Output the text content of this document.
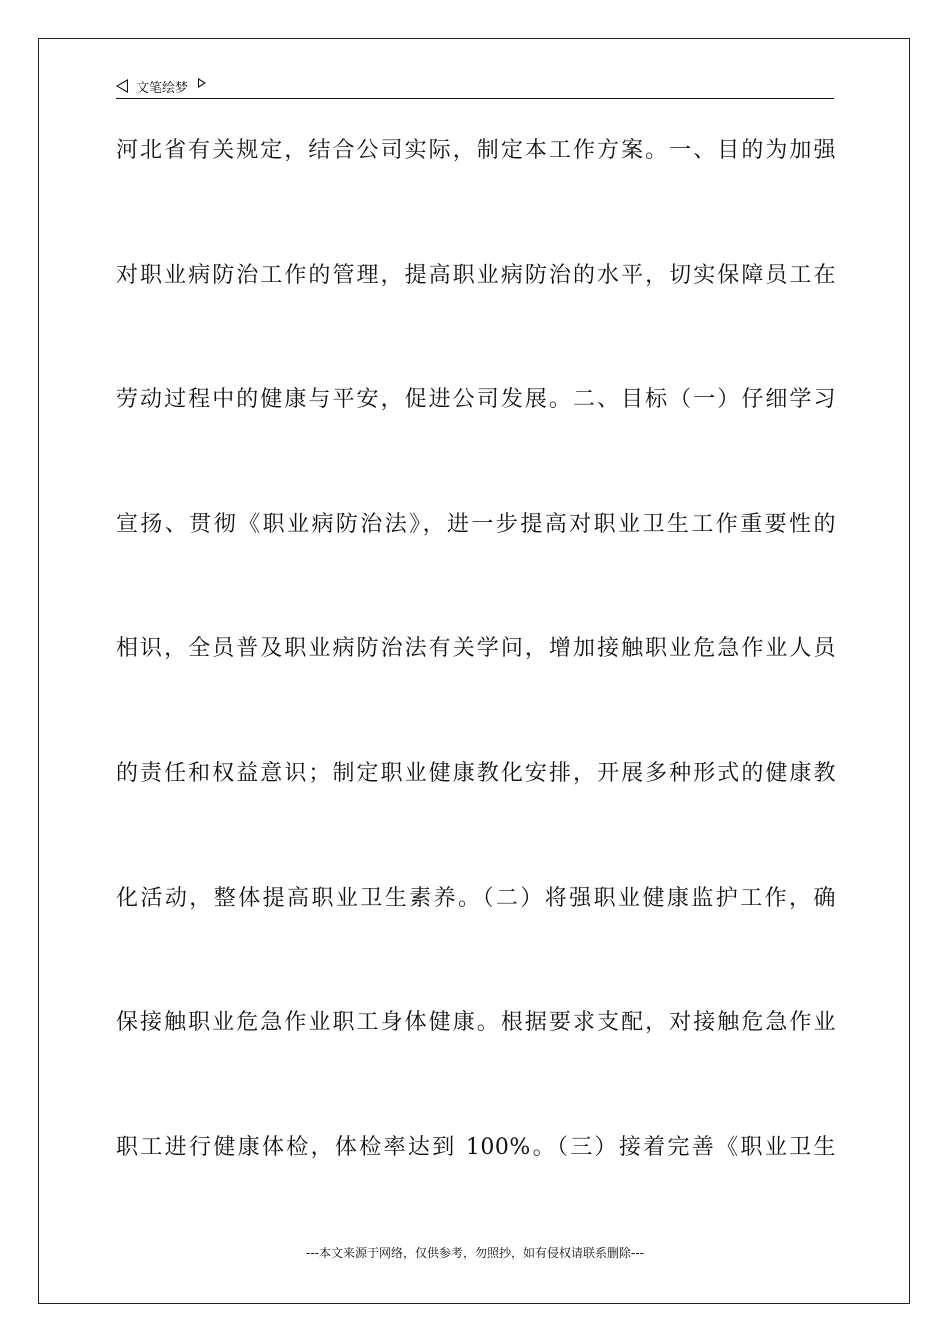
文笔绘梦
河北省有关规定，结合公司实际，制定本工作方案。一、目的为加强
对职业病防治工作的管理，提高职业病防治的水平，切实保障员工在
劳动过程中的健康与平安，促进公司发展。二、目标（一）仔细学习
宣扬、贯彻《职业病防治法》，进一步提高对职业卫生工作重要性的
相识，全员普及职业病防治法有关学问，增加接触职业危急作业人员
的责任和权益意识；制定职业健康教化安排，开展多种形式的健康教
化活动，整体提高职业卫生素养。（二）将强职业健康监护工作，确
保接触职业危急作业职工身体健康。根据要求支配，对接触危急作业
职工进行健康体检，体检率达到 100%。（三）接着完善《职业卫生
---本文来源于网络，仅供参考，勿照抄，如有侵权请联系删除---
